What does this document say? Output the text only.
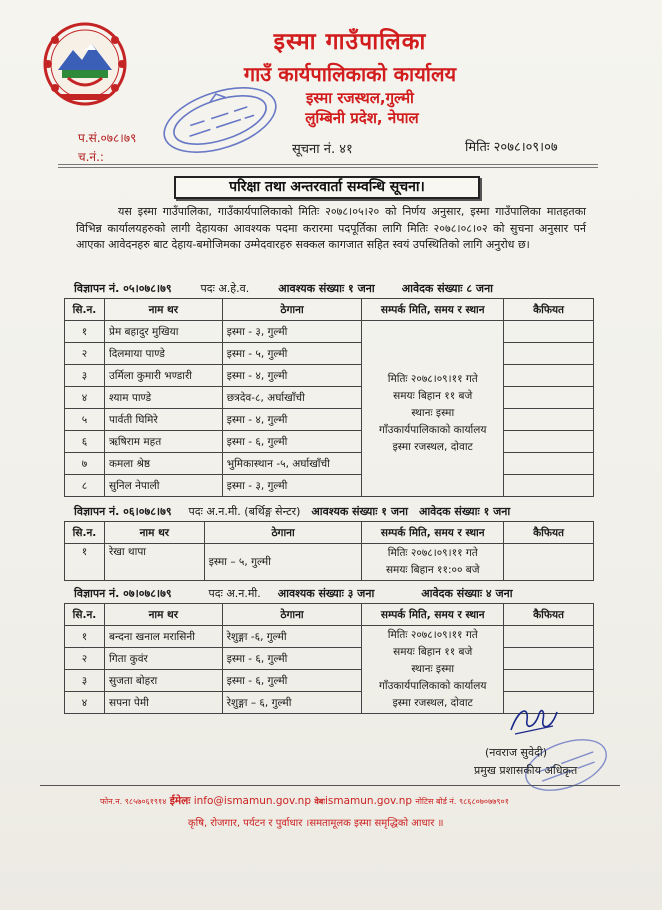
इस्मा गाउँपालिका
गाउँ कार्यपालिकाको कार्यालय
इस्मा रजस्थल,गुल्मी
लुम्बिनी प्रदेश, नेपाल
प.सं.०७८।७९
च.नं.:	सूचना नं. ४१	मितिः २०७८।०९।०७
परिक्षा तथा अन्तरवार्ता सम्वन्धि सूचना।
यस इस्मा गाउँपालिका, गाउँकार्यपालिकाको मितिः २०७८।०५।२० को निर्णय अनुसार, इस्मा गाउँपालिका मातहतका विभिन्न कार्यालयहरुको लागी देहायका आवश्यक पदमा करारमा पदपूर्तिका लागि मितिः २०७८।०८।०२ को सुचना अनुसार पर्न आएका आवेदनहरु बाट देहाय-बमोजिमका उम्मेदवारहरु सक्कल कागजात सहित स्वयं उपस्थितिको लागि अनुरोध छ।
विज्ञापन नं. ०५।०७८।७९	पदः अ.हे.व.	आवश्यक संख्याः १ जना आवेदक संख्याः ८ जना
सि.न.	नाम थर	ठेगाना	सम्पर्क मिति, समय र स्थान	कैफियत
१	प्रेम बहादुर मुखिया	इस्मा - ३, गुल्मी	मितिः २०७८।०९।११ गते
समयः बिहान ११ बजे
स्थानः इस्मा
गाँउकार्यपालिकाको कार्यालय
इस्मा रजस्थल, दोवाट	

२	दिलमाया पाण्डे	इस्मा - ५, गुल्मी		
३	उर्मिला कुमारी भण्डारी	इस्मा - ४, गुल्मी		
४	श्याम पाण्डे	छत्रदेव-८, अर्घाखाँची		
५	पार्वती घिमिरे	इस्मा - ४, गुल्मी		
६	ऋषिराम महत	इस्मा - ६, गुल्मी		
७	कमला श्रेष्ठ	भुमिकास्थान -५, अर्घाखाँची		
८	सुनिल नेपाली	इस्मा - ३, गुल्मी		
विज्ञापन नं. ०६।०७८।७९ पदः अ.न.मी. (बर्थिङ्ग सेन्टर) आवश्यक संख्याः १ जना आवेदक संख्याः १ जना
सि.न.	नाम थर	ठेगाना	सम्पर्क मिति, समय र स्थान	कैफियत
१	रेखा थापा	इस्मा – ५, गुल्मी	मितिः २०७८।०९।११ गते
समयः बिहान ११:०० बजे	

विज्ञापन नं. ०७।०७८।७९	पदः अ.न.मी. आवश्यक संख्याः ३ जना	आवेदक संख्याः ४ जना
सि.न.	नाम थर	ठेगाना	सम्पर्क मिति, समय र स्थान	कैफियत
१	बन्दना खनाल मरासिनी	रेशुङ्गा -६, गुल्मी	मितिः २०७८।०९।११ गते
समयः बिहान ११ बजे
स्थानः इस्मा
गाँउकार्यपालिकाको कार्यालय
इस्मा रजस्थल, दोवाट	

२	गिता कुवंर	इस्मा - ६, गुल्मी		
३	सुजता बोहरा	इस्मा - ६, गुल्मी		
४	सपना पेमी	रेशुङ्गा – ६, गुल्मी		
(नवराज सुवेदी)
प्रमुख प्रशासकीय अधिकृत
फोन.न. ९८५७०६१९१४ ईमेलः info@ismamun.gov.np वेबःismamun.gov.np नोटिस बोर्ड नं. ९८६८०७०७७९०१
कृषि, रोजगार, पर्यटन र पुर्वाधार ।समतामूलक इस्मा समृद्धिको आधार ॥
